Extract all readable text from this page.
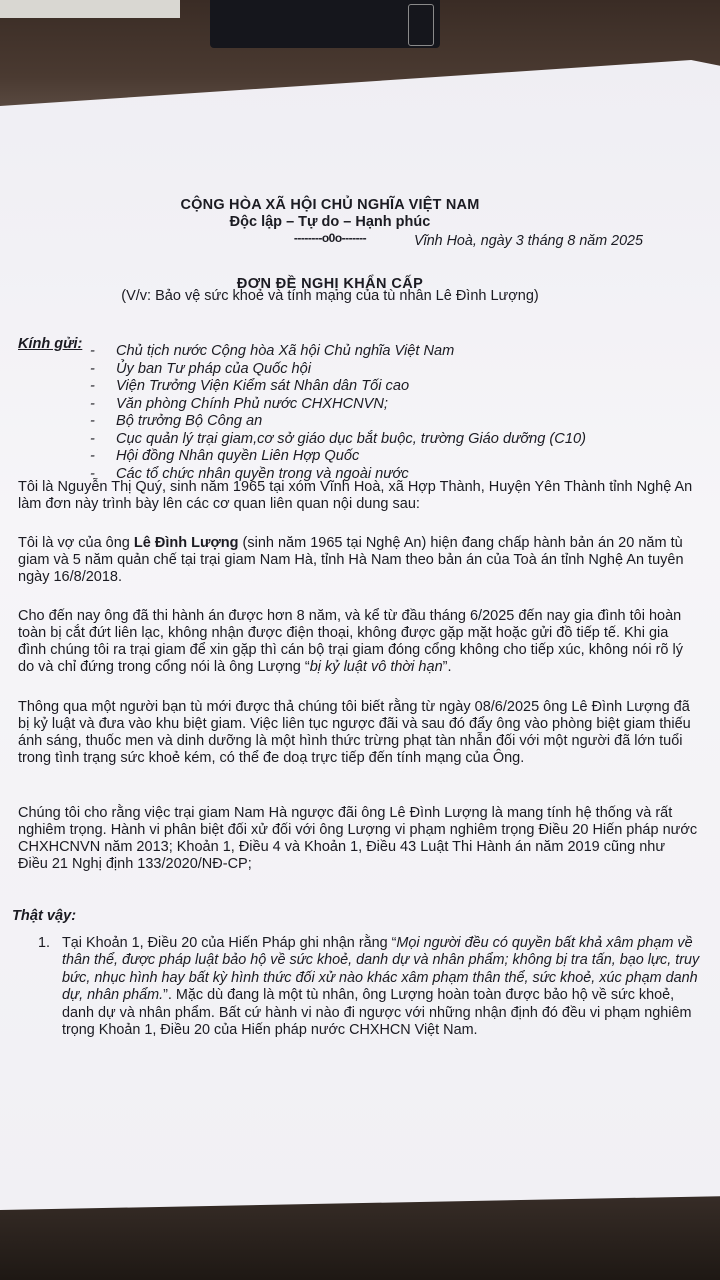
CỘNG HÒA XÃ HỘI CHỦ NGHĨA VIỆT NAM
Độc lập – Tự do – Hạnh phúc
--------o0o-------	Vĩnh Hoà, ngày 3 tháng 8 năm 2025
ĐƠN ĐỀ NGHỊ KHẨN CẤP
(V/v: Bảo vệ sức khoẻ và tính mạng của tù nhân Lê Đình Lượng)
Kính gửi:
-	Chủ tịch nước Cộng hòa Xã hội Chủ nghĩa Việt Nam
- Ủy ban Tư pháp của Quốc hội
- Viện Trưởng Viện Kiểm sát Nhân dân Tối cao
- Văn phòng Chính Phủ nước CHXHCNVN;
- Bộ trưởng Bộ Công an
- Cục quản lý trại giam,cơ sở giáo dục bắt buộc, trường Giáo dưỡng (C10)
- Hội đồng Nhân quyền Liên Hợp Quốc
- Các tổ chức nhân quyền trong và ngoài nước

Tôi là Nguyễn Thị Quý, sinh năm 1965 tại xóm Vĩnh Hoà, xã Hợp Thành, Huyện Yên Thành tỉnh Nghệ An làm đơn này trình bày lên các cơ quan liên quan nội dung sau:

Tôi là vợ của ông Lê Đình Lượng (sinh năm 1965 tại Nghệ An) hiện đang chấp hành bản án 20 năm tù giam và 5 năm quản chế tại trại giam Nam Hà, tỉnh Hà Nam theo bản án của Toà án tỉnh Nghệ An tuyên ngày 16/8/2018.

Cho đến nay ông đã thi hành án được hơn 8 năm, và kể từ đầu tháng 6/2025 đến nay gia đình tôi hoàn toàn bị cắt đứt liên lạc, không nhận được điện thoại, không được gặp mặt hoặc gửi đồ tiếp tế. Khi gia đình chúng tôi ra trại giam để xin gặp thì cán bộ trại giam đóng cổng không cho tiếp xúc, không nói rõ lý do và chỉ đứng trong cổng nói là ông Lượng “bị kỷ luật vô thời hạn”.

Thông qua một người bạn tù mới được thả chúng tôi biết rằng từ ngày 08/6/2025 ông Lê Đình Lượng đã bị kỷ luật và đưa vào khu biệt giam. Việc liên tục ngược đãi và sau đó đẩy ông vào phòng biệt giam thiếu ánh sáng, thuốc men và dinh dưỡng là một hình thức trừng phạt tàn nhẫn đối với một người đã lớn tuổi trong tình trạng sức khoẻ kém, có thể đe doạ trực tiếp đến tính mạng của Ông.

Chúng tôi cho rằng việc trại giam Nam Hà ngược đãi ông Lê Đình Lượng là mang tính hệ thống và rất nghiêm trọng. Hành vi phân biệt đối xử đối với ông Lượng vi phạm nghiêm trọng Điều 20 Hiến pháp nước CHXHCNVN năm 2013; Khoản 1, Điều 4 và Khoản 1, Điều 43 Luật Thi Hành án năm 2019 cũng như Điều 21 Nghị định 133/2020/NĐ-CP;

Thật vậy:
1. Tại Khoản 1, Điều 20 của Hiến Pháp ghi nhận rằng “Mọi người đều có quyền bất khả xâm phạm về thân thể, được pháp luật bảo hộ về sức khoẻ, danh dự và nhân phẩm; không bị tra tấn, bạo lực, truy bức, nhục hình hay bất kỳ hình thức đối xử nào khác xâm phạm thân thể, sức khoẻ, xúc phạm danh dự, nhân phẩm.”. Mặc dù đang là một tù nhân, ông Lượng hoàn toàn được bảo hộ về sức khoẻ, danh dự và nhân phẩm. Bất cứ hành vi nào đi ngược với những nhận định đó đều vi phạm nghiêm trọng Khoản 1, Điều 20 của Hiến pháp nước CHXHCN Việt Nam.
